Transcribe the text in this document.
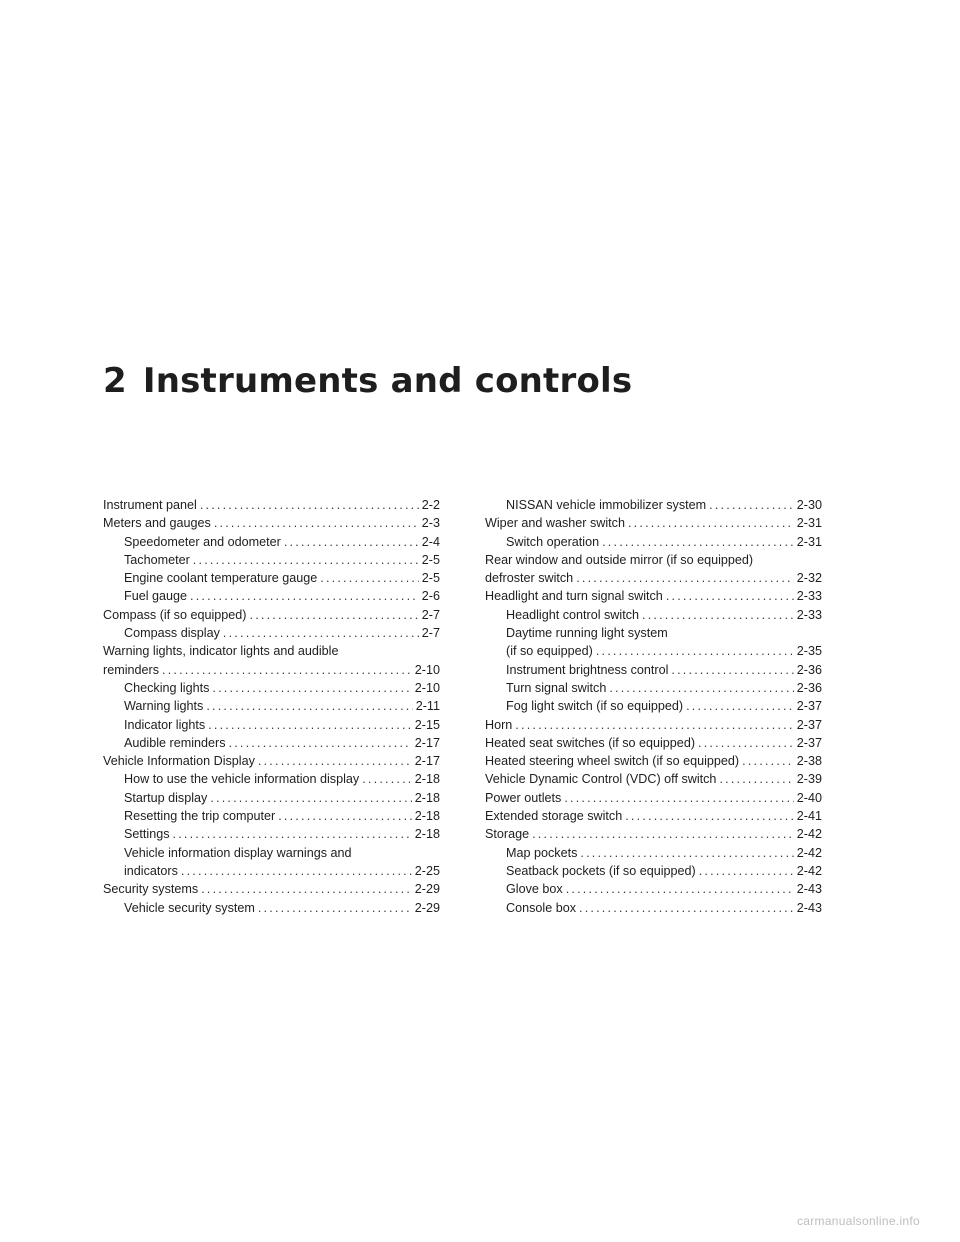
2 Instruments and controls
Instrument panel .....	2-2
Meters and gauges .....	2-3
Speedometer and odometer .....	2-4
Tachometer .....	2-5
Engine coolant temperature gauge .....	2-5
Fuel gauge .....	2-6
Compass (if so equipped) .....	2-7
Compass display .....	2-7
Warning lights, indicator lights and audible
reminders .....	2-10
Checking lights .....	2-10
Warning lights .....	2-11
Indicator lights .....	2-15
Audible reminders .....	2-17
Vehicle Information Display .....	2-17
How to use the vehicle information display .....	2-18
Startup display .....	2-18
Resetting the trip computer .....	2-18
Settings .....	2-18
Vehicle information display warnings and
indicators .....	2-25
Security systems .....	2-29
Vehicle security system .....	2-29
NISSAN vehicle immobilizer system .....	2-30
Wiper and washer switch .....	2-31
Switch operation .....	2-31
Rear window and outside mirror (if so equipped)
defroster switch .....	2-32
Headlight and turn signal switch .....	2-33
Headlight control switch .....	2-33
Daytime running light system
(if so equipped) .....	2-35
Instrument brightness control .....	2-36
Turn signal switch .....	2-36
Fog light switch (if so equipped) .....	2-37
Horn .....	2-37
Heated seat switches (if so equipped) .....	2-37
Heated steering wheel switch (if so equipped) .....	2-38
Vehicle Dynamic Control (VDC) off switch .....	2-39
Power outlets .....	2-40
Extended storage switch .....	2-41
Storage .....	2-42
Map pockets .....	2-42
Seatback pockets (if so equipped) .....	2-42
Glove box .....	2-43
Console box .....	2-43
carmanualsonline.info
